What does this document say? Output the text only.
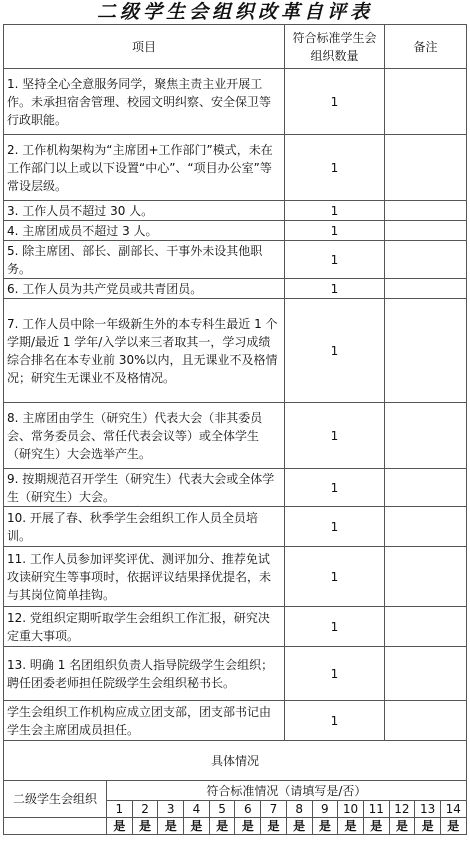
二级学生会组织改革自评表
项目	符合标准学生会组织数量	备注
1. 坚持全心全意服务同学，聚焦主责主业开展工作。未承担宿舍管理、校园文明纠察、安全保卫等行政职能。	1	
2. 工作机构架构为“主席团+工作部门”模式，未在工作部门以上或以下设置“中心”、“项目办公室”等常设层级。	1	
3. 工作人员不超过 30 人。	1	
4. 主席团成员不超过 3 人。	1	
5. 除主席团、部长、副部长、干事外未设其他职务。	1	
6. 工作人员为共产党员或共青团员。	1	
7. 工作人员中除一年级新生外的本专科生最近 1 个学期/最近 1 学年/入学以来三者取其一，学习成绩综合排名在本专业前 30%以内，且无课业不及格情况；研究生无课业不及格情况。	1	
8. 主席团由学生（研究生）代表大会（非其委员会、常务委员会、常任代表会议等）或全体学生（研究生）大会选举产生。	1	
9. 按期规范召开学生（研究生）代表大会或全体学生（研究生）大会。	1	
10. 开展了春、秋季学生会组织工作人员全员培训。	1	
11. 工作人员参加评奖评优、测评加分、推荐免试攻读研究生等事项时，依据评议结果择优提名，未与其岗位简单挂钩。	1	
12. 党组织定期听取学生会组织工作汇报，研究决定重大事项。	1	
13. 明确 1 名团组织负责人指导院级学生会组织；聘任团委老师担任院级学生会组织秘书长。	1	
学生会组织工作机构应成立团支部，团支部书记由学生会主席团成员担任。	1	
具体情况		
二级学生会组织	符合标准情况（请填写是/否）													
	1	2	3	4	5	6	7	8	9	10	11	12	13	14
	是	是	是	是	是	是	是	是	是	是	是	是	是	是
